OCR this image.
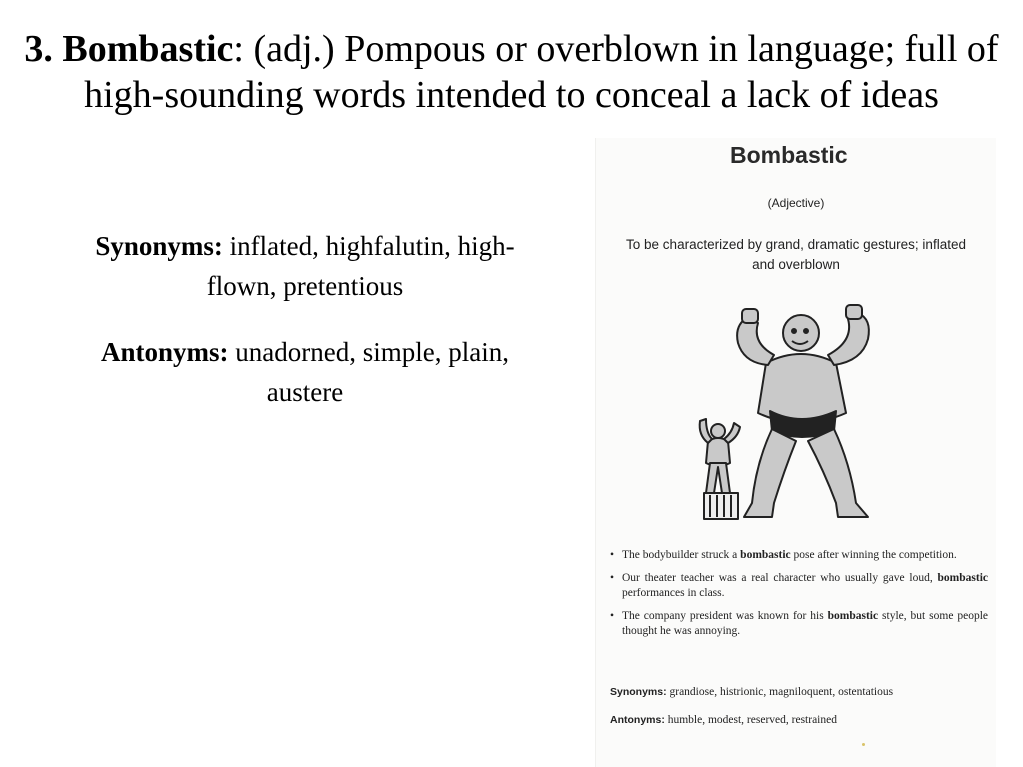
3. Bombastic: (adj.) Pompous or overblown in language; full of high-sounding words intended to conceal a lack of ideas

Synonyms: inflated, highfalutin, high-flown, pretentious

Antonyms: unadorned, simple, plain, austere

Bombastic
(Adjective)
To be characterized by grand, dramatic gestures; inflated and overblown
• The bodybuilder struck a bombastic pose after winning the competition.
• Our theater teacher was a real character who usually gave loud, bombastic performances in class.
• The company president was known for his bombastic style, but some people thought he was annoying.
Synonyms: grandiose, histrionic, magniloquent, ostentatious
Antonyms: humble, modest, reserved, restrained
